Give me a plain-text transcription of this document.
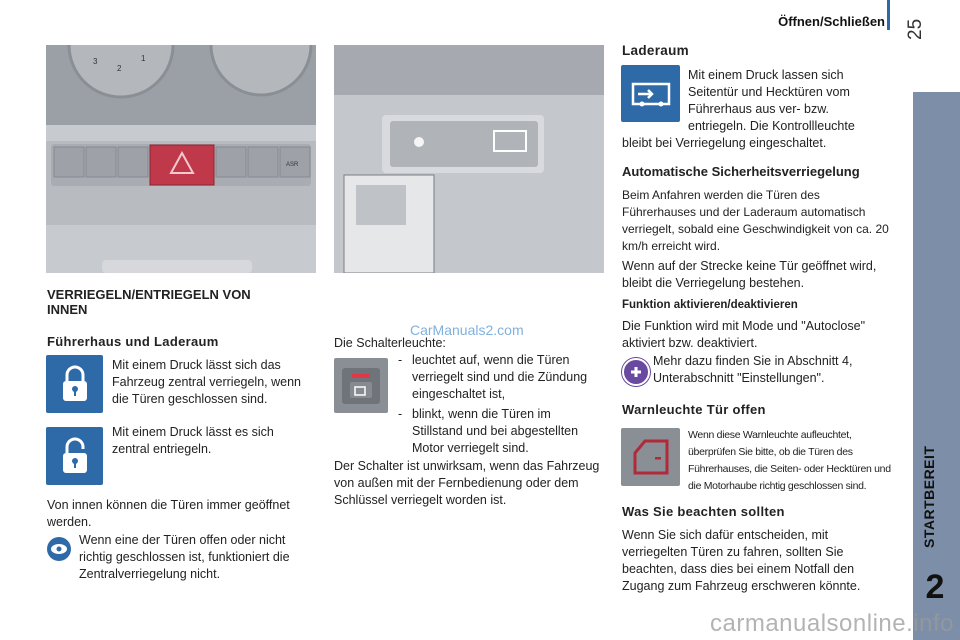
Öffnen/Schließen 25
STARTBEREIT
2
3
2
1
ASR
VERRIEGELN/ENTRIEGELN VON INNEN
Führerhaus und Laderaum
Mit einem Druck lässt sich das Fahrzeug zentral verriegeln, wenn die Türen geschlossen sind.
Mit einem Druck lässt es sich zentral entriegeln.
Von innen können die Türen immer geöffnet werden.
Wenn eine der Türen offen oder nicht richtig geschlossen ist, funktioniert die Zentralverriegelung nicht.
Die Schalterleuchte:
CarManuals2.com
- leuchtet auf, wenn die Türen verriegelt sind und die Zündung eingeschaltet ist,
- blinkt, wenn die Türen im Stillstand und bei abgestellten Motor verriegelt sind.
Der Schalter ist unwirksam, wenn das Fahrzeug von außen mit der Fernbedienung oder dem Schlüssel verriegelt worden ist.
Laderaum
Mit einem Druck lassen sich Seitentür und Hecktüren vom Führerhaus aus ver- bzw. entriegeln. Die Kontrollleuchte
bleibt bei Verriegelung eingeschaltet.
Automatische Sicherheitsverriegelung
Beim Anfahren werden die Türen des Führerhauses und der Laderaum automatisch verriegelt, sobald eine Geschwindigkeit von ca. 20 km/h erreicht wird.
Wenn auf der Strecke keine Tür geöffnet wird, bleibt die Verriegelung bestehen.
Funktion aktivieren/deaktivieren
Die Funktion wird mit Mode und "Autoclose" aktiviert bzw. deaktiviert.
Mehr dazu finden Sie in Abschnitt 4, Unterabschnitt "Einstellungen".
Warnleuchte Tür offen
Wenn diese Warnleuchte aufleuchtet, überprüfen Sie bitte, ob die Türen des Führerhauses, die Seiten- oder Hecktüren und die Motorhaube richtig geschlossen sind.
Was Sie beachten sollten
Wenn Sie sich dafür entscheiden, mit verriegelten Türen zu fahren, sollten Sie beachten, dass dies bei einem Notfall den Zugang zum Fahrzeug erschweren könnte.
carmanualsonline.info
